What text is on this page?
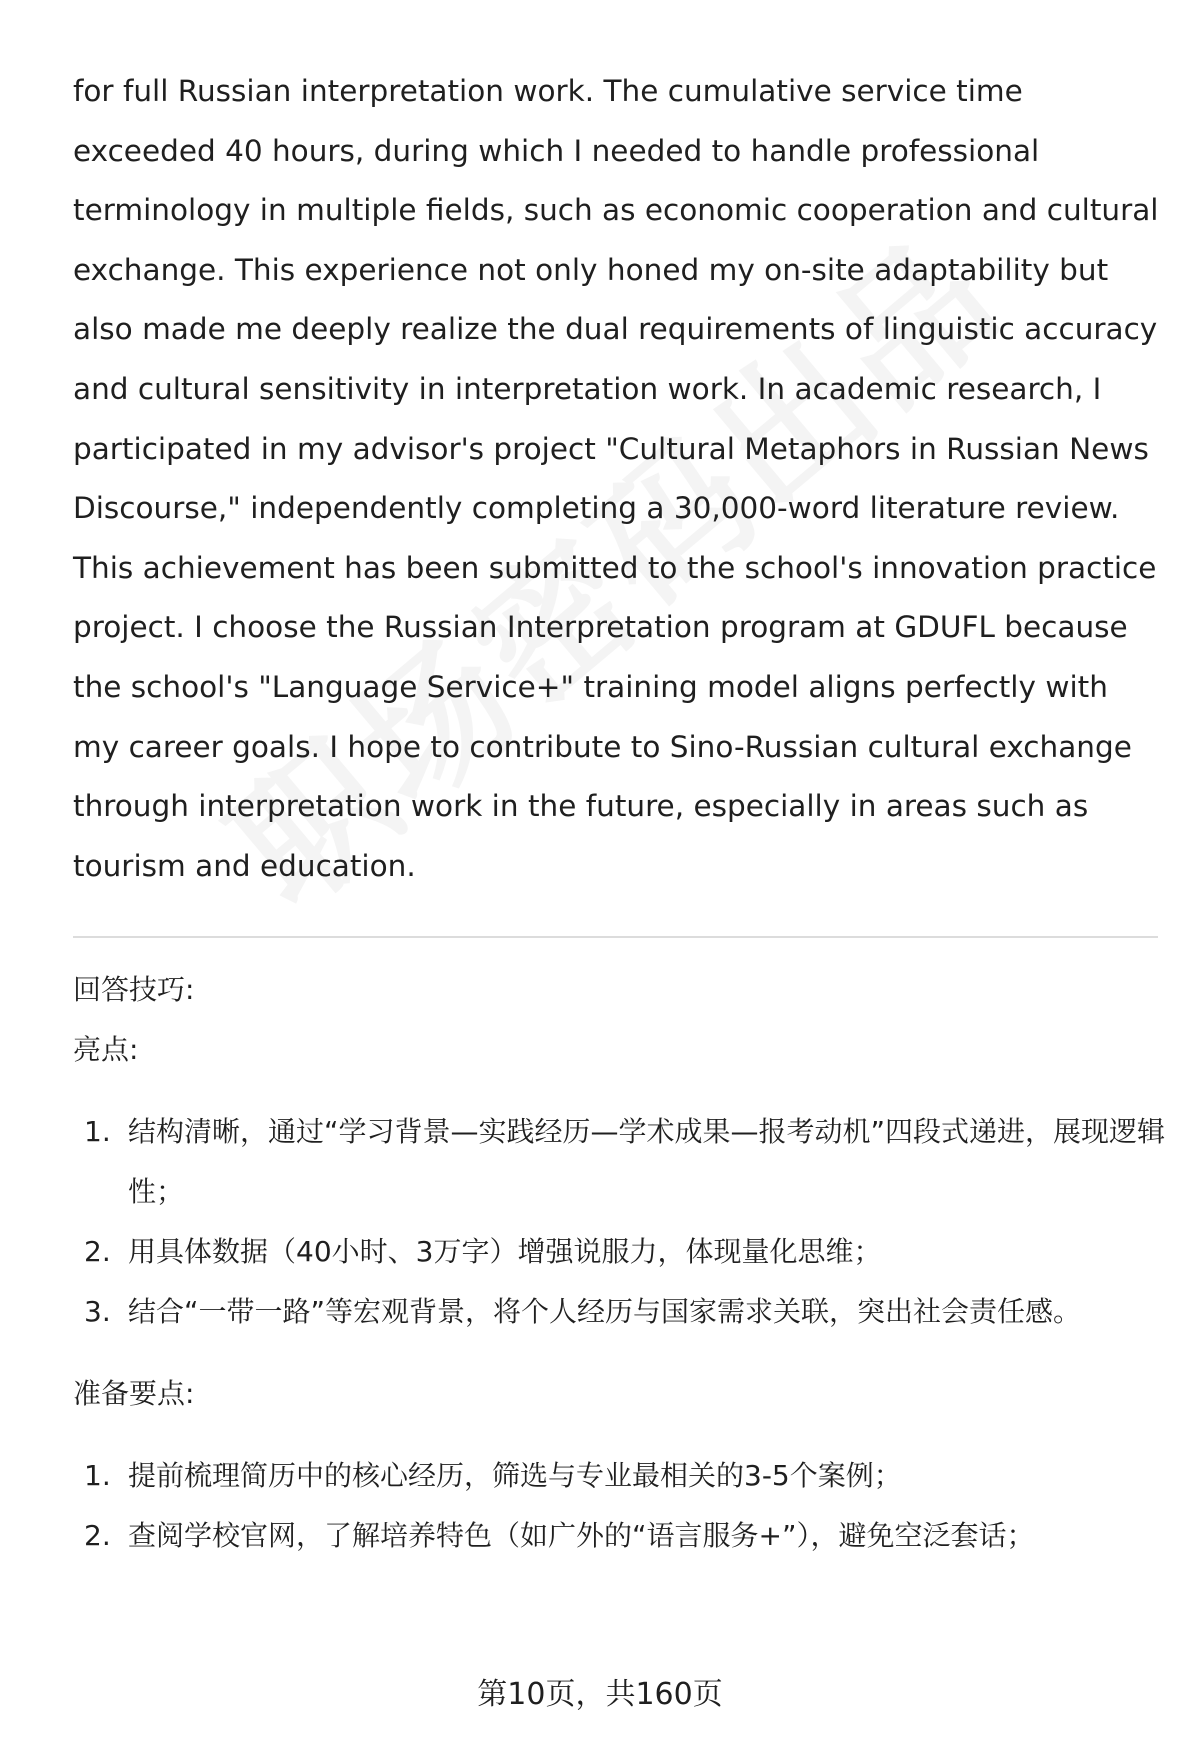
for full Russian interpretation work. The cumulative service time exceeded 40 hours, during which I needed to handle professional terminology in multiple fields, such as economic cooperation and cultural exchange. This experience not only honed my on-site adaptability but also made me deeply realize the dual requirements of linguistic accuracy and cultural sensitivity in interpretation work. In academic research, I participated in my advisor's project "Cultural Metaphors in Russian News Discourse," independently completing a 30,000-word literature review. This achievement has been submitted to the school's innovation practice project. I choose the Russian Interpretation program at GDUFL because the school's "Language Service+" training model aligns perfectly with my career goals. I hope to contribute to Sino-Russian cultural exchange through interpretation work in the future, especially in areas such as tourism and education.

回答技巧:

亮点:

1. 结构清晰，通过“学习背景—实践经历—学术成果—报考动机”四段式递进，展现逻辑性；
2. 用具体数据（40小时、3万字）增强说服力，体现量化思维；
3. 结合“一带一路”等宏观背景，将个人经历与国家需求关联，突出社会责任感。

准备要点:

1. 提前梳理简历中的核心经历，筛选与专业最相关的3-5个案例；
2. 查阅学校官网，了解培养特色（如广外的“语言服务+”），避免空泛套话；
第10页，共160页
